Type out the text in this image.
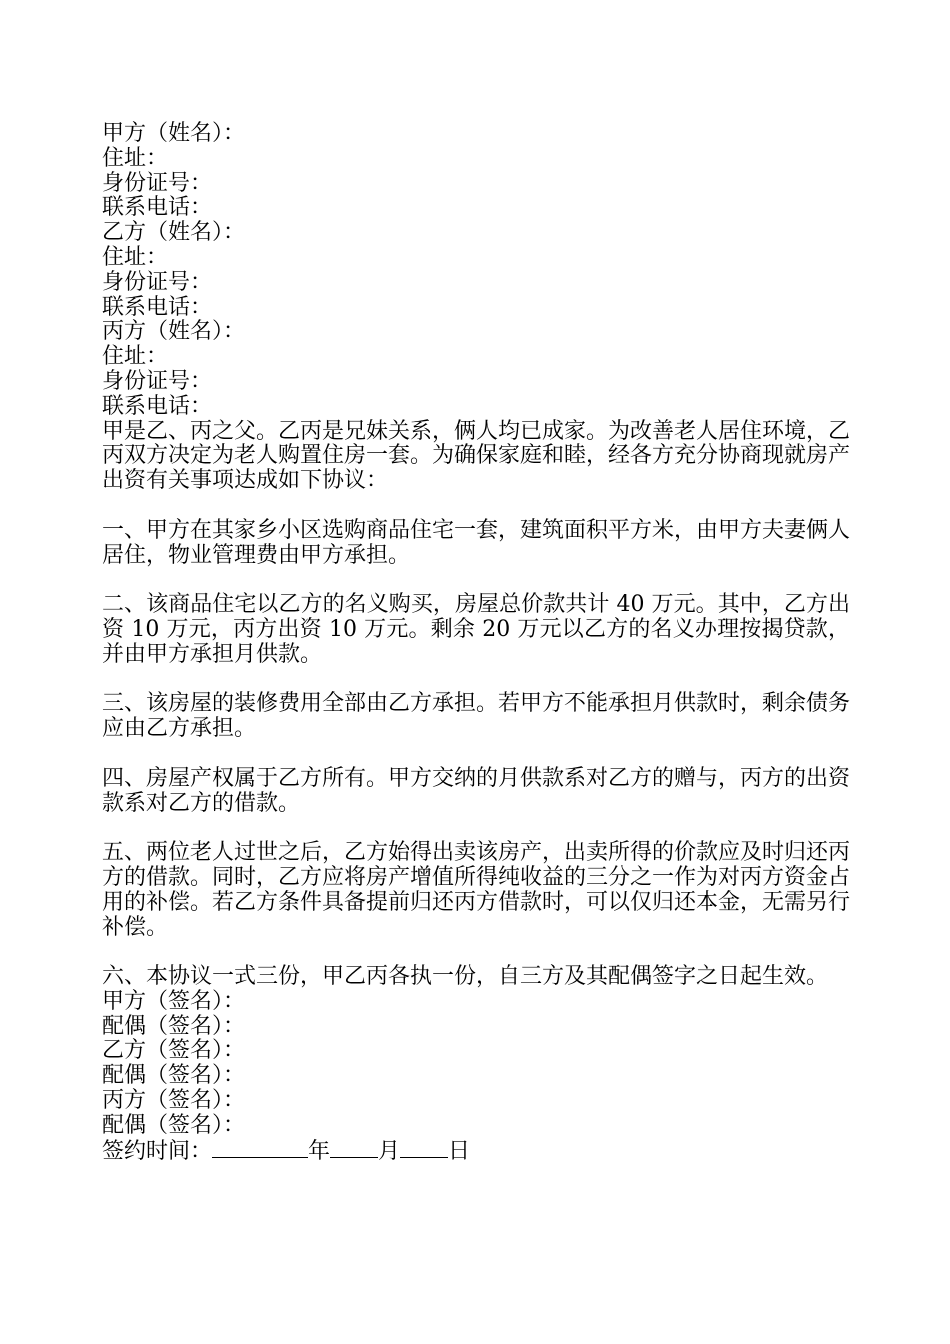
甲方（姓名）：
住址：
身份证号：
联系电话：
乙方（姓名）：
住址：
身份证号：
联系电话：
丙方（姓名）：
住址：
身份证号：
联系电话：

甲是乙、丙之父。乙丙是兄妹关系，俩人均已成家。为改善老人居住环境，乙丙双方决定为老人购置住房一套。为确保家庭和睦，经各方充分协商现就房产出资有关事项达成如下协议：

一、甲方在其家乡小区选购商品住宅一套，建筑面积平方米，由甲方夫妻俩人居住，物业管理费由甲方承担。

二、该商品住宅以乙方的名义购买，房屋总价款共计 40 万元。其中，乙方出资 10 万元，丙方出资 10 万元。剩余 20 万元以乙方的名义办理按揭贷款，并由甲方承担月供款。

三、该房屋的装修费用全部由乙方承担。若甲方不能承担月供款时，剩余债务应由乙方承担。

四、房屋产权属于乙方所有。甲方交纳的月供款系对乙方的赠与，丙方的出资款系对乙方的借款。

五、两位老人过世之后，乙方始得出卖该房产，出卖所得的价款应及时归还丙方的借款。同时，乙方应将房产增值所得纯收益的三分之一作为对丙方资金占用的补偿。若乙方条件具备提前归还丙方借款时，可以仅归还本金，无需另行补偿。

六、本协议一式三份，甲乙丙各执一份，自三方及其配偶签字之日起生效。

甲方（签名）：
配偶（签名）：
乙方（签名）：
配偶（签名）：
丙方（签名）：
配偶（签名）：
签约时间：	年 月 日
